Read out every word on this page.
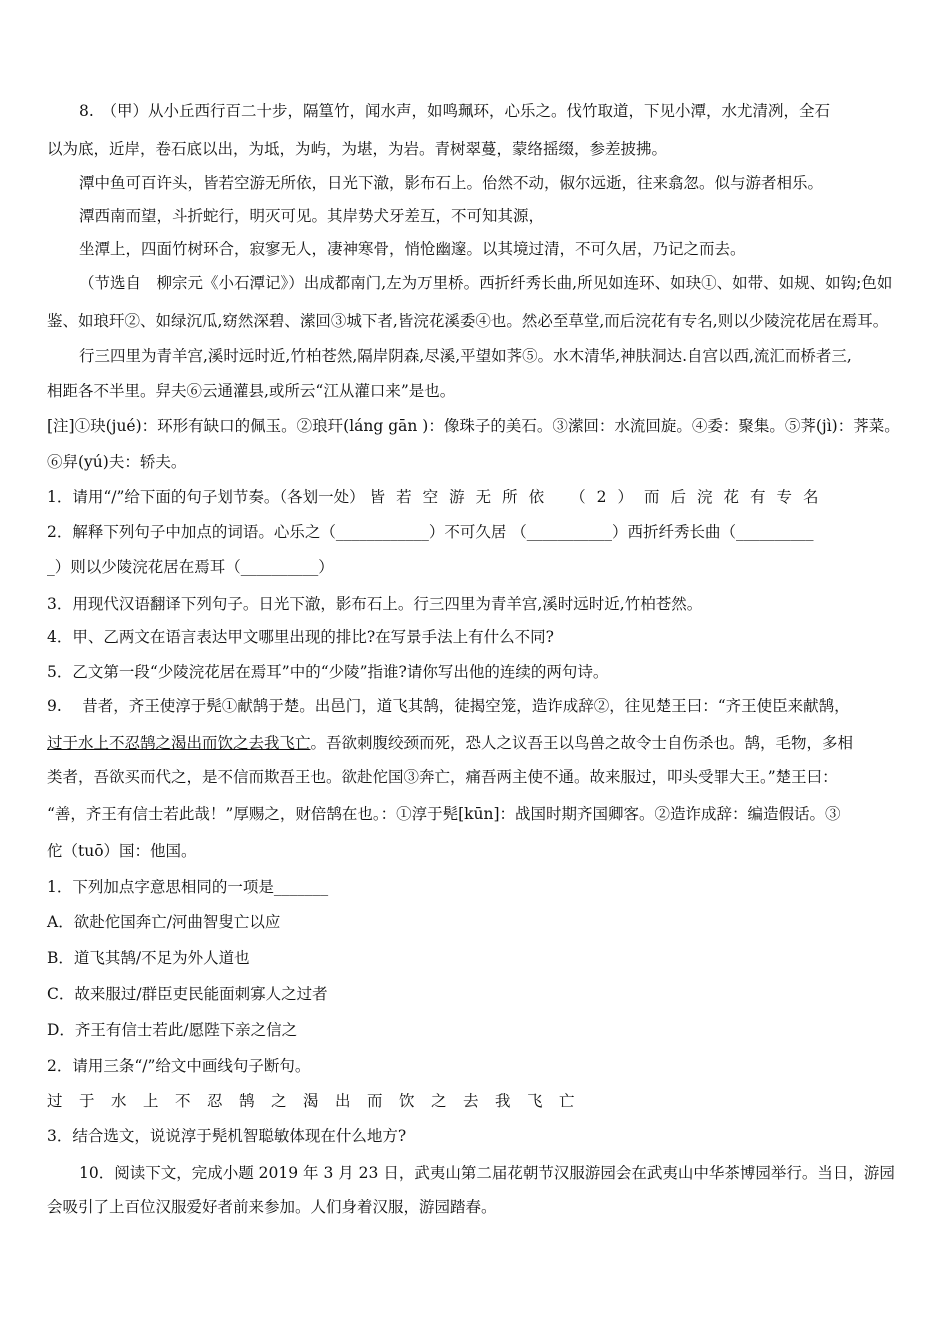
8.　（甲）从小丘西行百二十步，隔篁竹，闻水声，如鸣珮环，心乐之。伐竹取道，下见小潭，水尤清冽，全石
以为底，近岸，卷石底以出，为坻，为屿，为堪，为岩。青树翠蔓，蒙络摇缀，参差披拂。
潭中鱼可百许头，皆若空游无所依，日光下澈，影布石上。佁然不动，俶尔远逝，往来翕忽。似与游者相乐。
潭西南而望，斗折蛇行，明灭可见。其岸势犬牙差互，不可知其源，
坐潭上，四面竹树环合，寂寥无人，凄神寒骨，悄怆幽邃。以其境过清，不可久居，乃记之而去。
（节选自　柳宗元《小石潭记》）出成都南门,左为万里桥。西折纤秀长曲,所见如连环、如玦①、如带、如规、如钩;色如
鉴、如琅玕②、如绿沉瓜,窈然深碧、潆回③城下者,皆浣花溪委④也。然必至草堂,而后浣花有专名,则以少陵浣花居在焉耳。
行三四里为青羊宫,溪时远时近,竹柏苍然,隔岸阴森,尽溪,平望如荠⑤。水木清华,神肤洞达.自宫以西,流汇而桥者三,
相距各不半里。舁夫⑥云通灌县,或所云“江从灌口来”是也。
[注]①玦(jué)：环形有缺口的佩玉。②琅玕(láng gān )：像珠子的美石。③潆回：水流回旋。④委：聚集。⑤荠(jì)：荠菜。
⑥舁(yú)夫：轿夫。
1．请用“/”给下面的句子划节奏。（各划一处） 皆若空游无所依 （2）而后浣花有专名
2．解释下列句子中加点的词语。心乐之（____________）不可久居 （___________）西折纤秀长曲（__________
_）则以少陵浣花居在焉耳（__________）
3．用现代汉语翻译下列句子。日光下澈，影布石上。行三四里为青羊宫,溪时远时近,竹柏苍然。
4．甲、乙两文在语言表达甲文哪里出现的排比?在写景手法上有什么不同?
5．乙文第一段“少陵浣花居在焉耳”中的“少陵”指谁?请你写出他的连续的两句诗。
9.　 昔者，齐王使淳于髡①献鹄于楚。出邑门，道飞其鹄，徒揭空笼，造诈成辞②，往见楚王曰：“齐王使臣来献鹄，
过于水上不忍鹄之渴出而饮之去我飞亡。吾欲刺腹绞颈而死，恐人之议吾王以鸟兽之故令士自伤杀也。鹄，毛物，多相
类者，吾欲买而代之，是不信而欺吾王也。欲赴佗国③奔亡，痛吾两主使不通。故来服过，叩头受罪大王。”楚王曰：
“善，齐王有信士若此哉！”厚赐之，财倍鹄在也。：①淳于髡[kūn]：战国时期齐国卿客。②造诈成辞：编造假话。③
佗（tuō）国：他国。
1．下列加点字意思相同的一项是_______
A．欲赴佗国奔亡/河曲智叟亡以应
B．道飞其鹄/不足为外人道也
C．故来服过/群臣吏民能面刺寡人之过者
D．齐王有信士若此/愿陛下亲之信之
2．请用三条“/”给文中画线句子断句。
过于水上不忍鹄之渴出而饮之去我飞亡
3．结合选文，说说淳于髡机智聪敏体现在什么地方?
10．阅读下文，完成小题 2019 年 3 月 23 日，武夷山第二届花朝节汉服游园会在武夷山中华茶博园举行。当日，游园
会吸引了上百位汉服爱好者前来参加。人们身着汉服，游园踏春。
